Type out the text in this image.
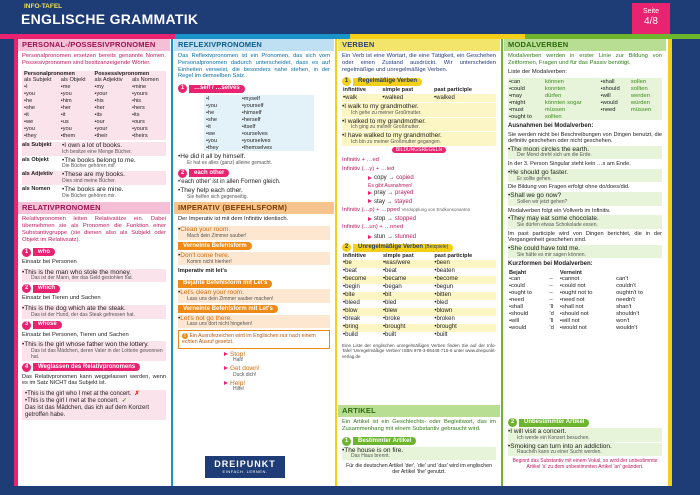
INFO-TAFEL
ENGLISCHE GRAMMATIK	Seite
4/8
PERSONAL-/POSSESIVPRONOMEN
Personalpronomen ersetzen bereits genannte Nomen. Possesivpronomen sind besitzanzeigende Wörter.
Personalpronomen		Possessivpronomen	
als Subjekt	als Objekt	als Adjektiv	als Nomen
• I	• me	• my	• mine
• you	• you	• your	• yours
• he	• him	• his	• his
• she	• her	• her	• hers
• it	• it	• its	• its
• we	• us	• our	• ours
• you	• you	• your	• yours
• they	• them	• their	• theirs
als Subjekt	• I own a lot of books.
Ich besitze eine Menge Bücher.
als Objekt	• The books belong to me.
Die Bücher gehören mir.
als Adjektiv	• These are my books.
Dies sind meine Bücher.
als Nomen	• The books are mine.
Die Bücher gehören mir.
RELATIVPRONOMEN
Relativpronomen leiten Relativsätze ein. Dabei übernehmen sie als Pronomen die Funktion einer Substantivgruppe (sie dienen also als Subjekt oder Objekt im Relativsatz).
1	who
Einsatz bei Personen
• This is the man who stole the money.
Das ist der Mann, der das Geld gestohlen hat.
2	which
Einsatz bei Tieren und Sachen
• This is the dog which ate the steak.
Das ist der Hund, der das Steak gefressen hat.
3	whose
Einsatz bei Personen, Tieren und Sachen
• This is the girl whose father won the lottery.
Das ist das Mädchen, deren Vater in der Lotterie gewonnen hat.
4	Weglassen des Relativpronomens
Das Relativpronomen kann weggelassen werden, wenn es im Satz NICHT das Subjekt ist.
• This is the girl who I met at the concert. ✗
• This is the girl I met at the concert. ✓
Das ist das Mädchen, das ich auf dem Konzert getroffen habe.
REFLEXIVPRONOMEN
Das Reflexivpronomen ist ein Pronomen, das sich vom Personalpronomen dadurch unterscheidet, dass es auf Einheiten verweist, die besonders nahe stehen, in der Regel im demselben Satz.
1	…self / …selves
• I	• myself
• you	• yourself
• he	• himself
• she	• herself
• it	• itself
• we	• ourselves
• you	• yourselves
• they	• themselves
• He did it all by himself.
Er hat es alles (ganz) alleine gemacht.
2	each other
• 'each other' ist in allen Formen gleich.
• They help each other.
Sie helfen sich gegenseitig.
IMPERATIV (BEFEHLSFORM)
Der Imperativ ist mit dem Infinitiv identisch.
• Clean your room.
Mach dein Zimmer sauber!
Verneinte Befehlsform
• Don't come here.
Komm nicht hierher!
Imperativ mit let's
Bejahte Befehlsform mit Let's
• Let's clean your room.
Lass uns dein Zimmer sauber machen!
Verneinte Befehlsform mit Let's
• Let's not go there.
Lass uns dort nicht hingehen!
! Ein Ausrufezeichen wird im Englischen nur nach einem echten Ausruf gesetzt.
Stop!
Halt!
Get down!
Duck dich!
Help!
Hilfe!
DREIPUNKT
EINFACH. LERNEN.
VERBEN
Ein Verb ist eine Wortart, die eine Tätigkeit, ein Geschehen oder einen Zustand ausdrückt. Wir unterscheiden regelmäßige und unregelmäßige Verben.
1	Regelmäßige Verben
infinitive	simple past	past participle
• walk	• walked	• walked
• I walk to my grandmother.
Ich gehe zu meiner Großmutter.
• I walked to my grandmother.
Ich ging zu meiner Großmutter.
• I have walked to my grandmother.
Ich bin zu meiner Großmutter gegangen.
BILDUNGSREGELN
Infinitiv + …ed
Infinitiv (…y) + …ied
copy → copied
Es gibt Ausnahmen!
pray → prayed
stay → stayed
Infinitiv (…p) + …pped Verdopplung von Endkonsonanten
stop → stopped
Infinitiv (…un) + …nned
stun → stunned
2	Unregelmäßige Verben
(Beispiele)
infinitive	simple past	past participle
• be	• was/were	• been
• beat	• beat	• beaten
• become	• became	• become
• begin	• began	• begun
• bite	• bit	• bitten
• bleed	• bled	• bled
• blow	• blew	• blown
• break	• broke	• broken
• bring	• brought	• brought
• build	• built	• built
Eine Liste der englischen unregelmäßigen Verben finden Sie auf der Info-Tafel 'Unregelmäßige Verben' ISBN 978-3-86448-715-6 unter www.dreipunkt-verlag.de
ARTIKEL
Ein Artikel ist ein Geschlechts- oder Begleitwort, das im Zusammenhang mit einem Substantiv gebraucht wird.
1	Bestimmter Artikel
• The house is on fire.
Das Haus brennt.
Für die deutschen Artikel 'der', 'die' und 'das' wird im englischen der Artikel 'the' genutzt.
MODALVERBEN
Modalverben werden in erster Linie zur Bildung von Zeitformen, Fragen und für das Passiv benötigt.
Liste der Modalverben:
• can	können	• shall	sollen
• could	konnten	• should	sollten
• may	dürfen	• will	werden
• might	könnten sogar	• would	würden
• must	müssen	• need	müssen
• ought to	sollten		
Ausnahmen bei Modalverben:
Sie werden nicht bei Beschreibungen von Dingen benutzt, die definitiv geschehen oder nicht geschehen.
• The moon circles the earth.
Der Mond dreht sich um die Erde.
In der 3. Person Singular steht kein …s am Ende.
• He should go faster.
Er sollte gehen.
Die Bildung von Fragen erfolgt ohne do/does/did.
• Shall we go now?
Sollen wir jetzt gehen?
Modalverben folgt ein Vollverb im Infinitiv.
• They may eat some chocolate.
Sie dürfen etwas Schokolade essen.
Im past participle wird von Dingen berichtet, die in der Vergangenheit geschehen sind.
• She could have told me.
Sie hätte es mir sagen können.
Kurzformen bei Modalverben:
Bejaht		Verneint	
• can	–	• cannot	can't
• could	–	• could not	couldn't
• ought to	–	• ought not to	oughtn't to
• need	–	• need not	needn't
• shall	'll	• shall not	shan't
• should	'd	• should not	shouldn't
• will	'll	• will not	won't
• would	'd	• would not	wouldn't
2	Unbestimmter Artikel
• I will visit a concert.
Ich werde ein Konzert besuchen.
• Smoking can turn into an addiction.
Rauchen kann zu einer Sucht werden.
Beginnt das Substantiv mit einem Vokal, so wird der unbestimmte Artikel 'a' zu dem unbestimmten Artikel 'an' geändert.
